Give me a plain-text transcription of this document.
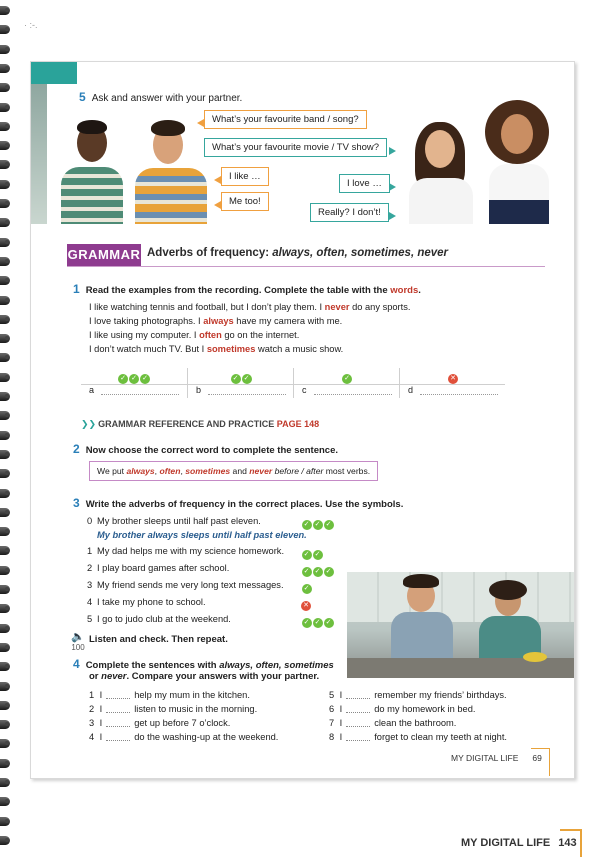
· :-.
5 Ask and answer with your partner.
What’s your favourite band / song?
What’s your favourite movie / TV show?
I like …
Me too!
I love …
Really? I don’t!
GRAMMAR Adverbs of frequency: always, often, sometimes, never
1 Read the examples from the recording. Complete the table with the words.
I like watching tennis and football, but I don’t play them. I never do any sports.
I love taking photographs. I always have my camera with me.
I like using my computer. I often go on the internet.
I don’t watch much TV. But I sometimes watch a music show.
✓ ✓ ✓
a
✓ ✓
b
✓
c
✕
d
❯❯ GRAMMAR REFERENCE AND PRACTICE PAGE 148
2 Now choose the correct word to complete the sentence.
We put always, often, sometimes and never before / after most verbs.
3 Write the adverbs of frequency in the correct places. Use the symbols.
0 My brother sleeps until half past eleven.	✓ ✓ ✓
My brother always sleeps until half past eleven.
1 My dad helps me with my science homework.	✓ ✓
2 I play board games after school.	✓ ✓ ✓
3 My friend sends me very long text messages.	✓
4 I take my phone to school.	✕
5 I go to judo club at the weekend.	✓ ✓ ✓
🔈
100
Listen and check. Then repeat.
4 Complete the sentences with always, often, sometimes
or never. Compare your answers with your partner.
1 I	help my mum in the kitchen.
2 I	listen to music in the morning.
3 I	get up before 7 o’clock.
4 I	do the washing-up at the weekend.
5 I	remember my friends’ birthdays.
6 I	do my homework in bed.
7 I	clean the bathroom.
8 I	forget to clean my teeth at night.
MY DIGITAL LIFE 69
MY DIGITAL LIFE 143
